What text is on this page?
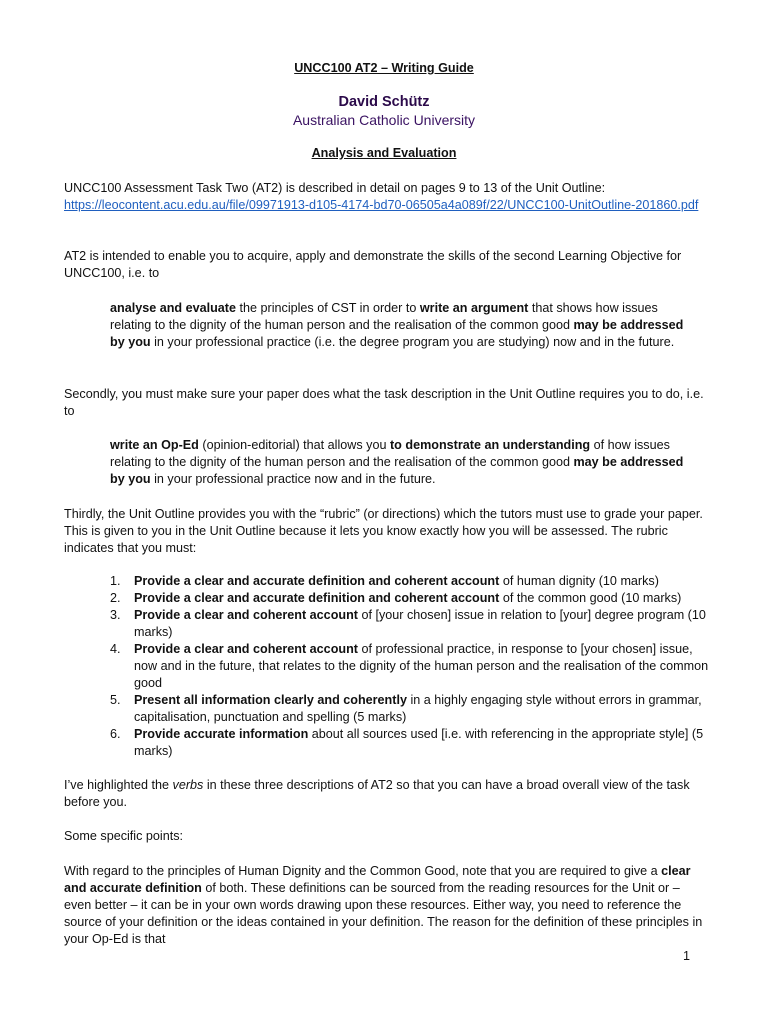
UNCC100 AT2 – Writing Guide
David Schütz
Australian Catholic University
Analysis and Evaluation

UNCC100 Assessment Task Two (AT2) is described in detail on pages 9 to 13 of the Unit Outline: https://leocontent.acu.edu.au/file/09971913-d105-4174-bd70-06505a4a089f/22/UNCC100-UnitOutline-201860.pdf

AT2 is intended to enable you to acquire, apply and demonstrate the skills of the second Learning Objective for UNCC100, i.e. to

analyse and evaluate the principles of CST in order to write an argument that shows how issues relating to the dignity of the human person and the realisation of the common good may be addressed by you in your professional practice (i.e. the degree program you are studying) now and in the future.

Secondly, you must make sure your paper does what the task description in the Unit Outline requires you to do, i.e. to

write an Op-Ed (opinion-editorial) that allows you to demonstrate an understanding of how issues relating to the dignity of the human person and the realisation of the common good may be addressed by you in your professional practice now and in the future.

Thirdly, the Unit Outline provides you with the “rubric” (or directions) which the tutors must use to grade your paper. This is given to you in the Unit Outline because it lets you know exactly how you will be assessed. The rubric indicates that you must:

1. Provide a clear and accurate definition and coherent account of human dignity (10 marks)
2. Provide a clear and accurate definition and coherent account of the common good (10 marks)
3. Provide a clear and coherent account of [your chosen] issue in relation to [your] degree program (10 marks)
4. Provide a clear and coherent account of professional practice, in response to [your chosen] issue, now and in the future, that relates to the dignity of the human person and the realisation of the common good
5. Present all information clearly and coherently in a highly engaging style without errors in grammar, capitalisation, punctuation and spelling (5 marks)
6. Provide accurate information about all sources used [i.e. with referencing in the appropriate style] (5 marks)

I’ve highlighted the verbs in these three descriptions of AT2 so that you can have a broad overall view of the task before you.

Some specific points:

With regard to the principles of Human Dignity and the Common Good, note that you are required to give a clear and accurate definition of both. These definitions can be sourced from the reading resources for the Unit or – even better – it can be in your own words drawing upon these resources. Either way, you need to reference the source of your definition or the ideas contained in your definition. The reason for the definition of these principles in your Op-Ed is that

1
